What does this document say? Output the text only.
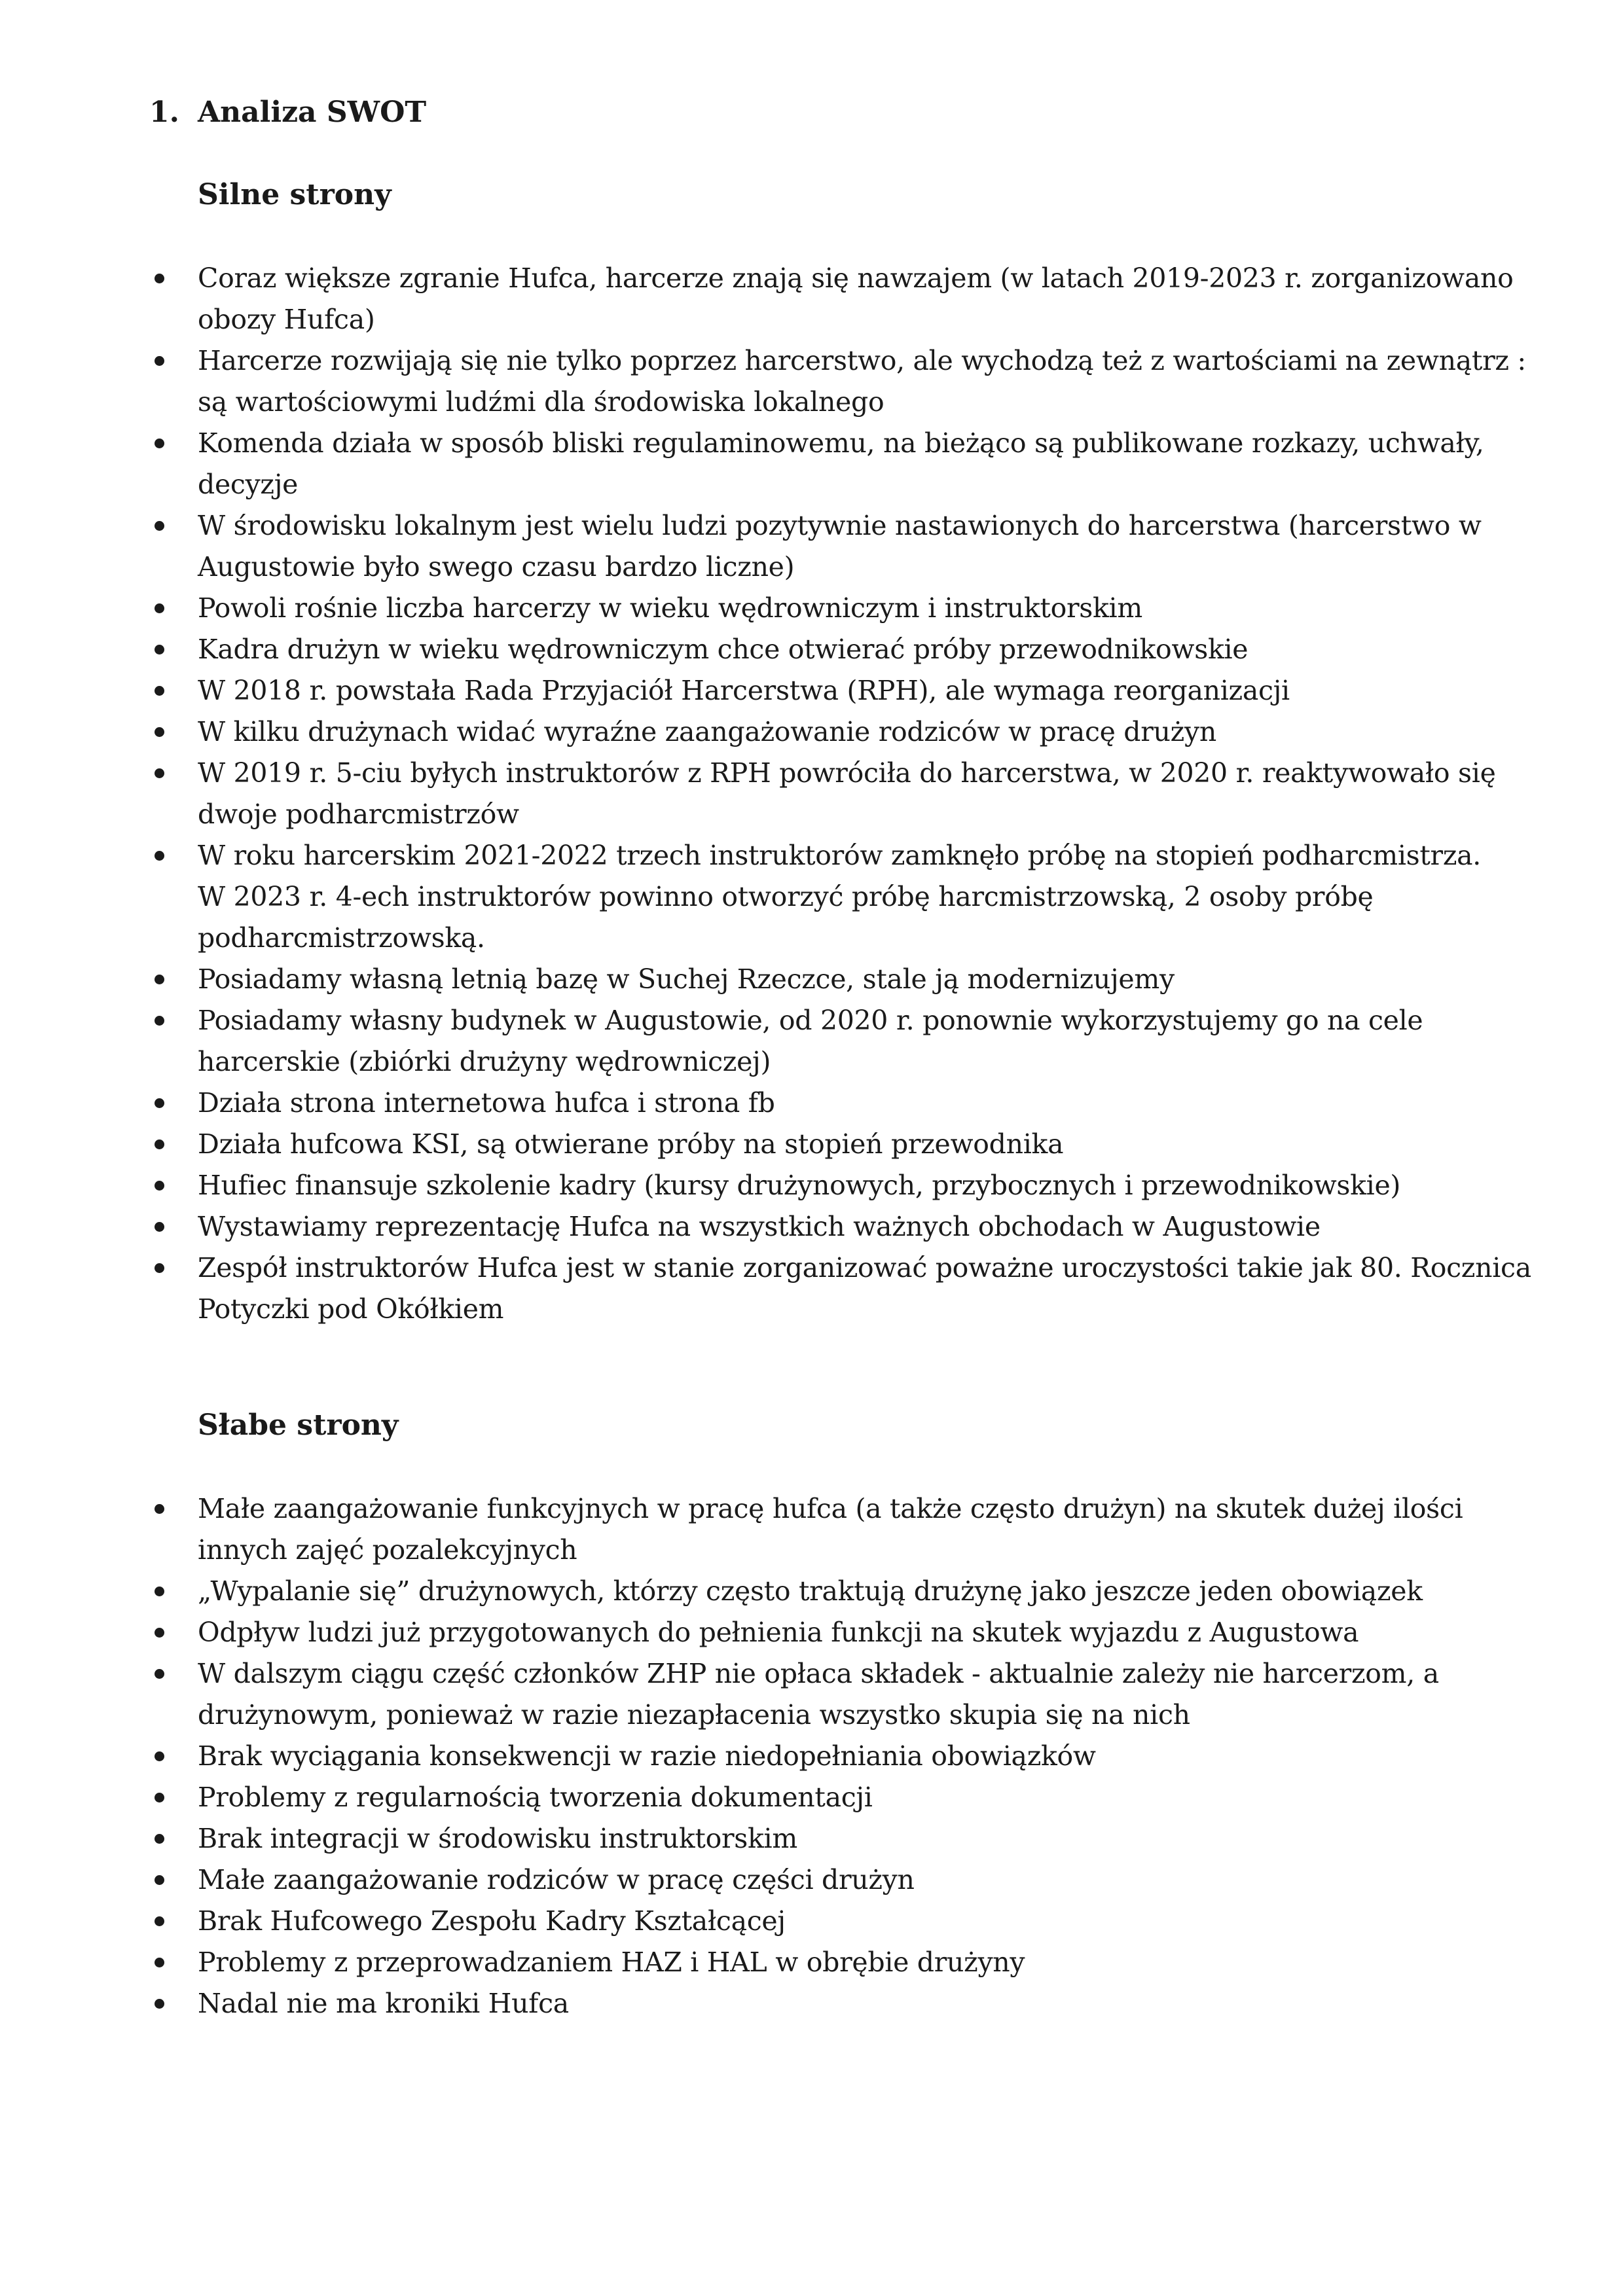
1. Analiza SWOT
Silne strony
Coraz większe zgranie Hufca, harcerze znają się nawzajem (w latach 2019-2023 r. zorganizowano
obozy Hufca)
Harcerze rozwijają się nie tylko poprzez harcerstwo, ale wychodzą też z wartościami na zewnątrz :
są wartościowymi ludźmi dla środowiska lokalnego
Komenda działa w sposób bliski regulaminowemu, na bieżąco są publikowane rozkazy, uchwały,
decyzje
W środowisku lokalnym jest wielu ludzi pozytywnie nastawionych do harcerstwa (harcerstwo w
Augustowie było swego czasu bardzo liczne)
Powoli rośnie liczba harcerzy w wieku wędrowniczym i instruktorskim
Kadra drużyn w wieku wędrowniczym chce otwierać próby przewodnikowskie
W 2018 r. powstała Rada Przyjaciół Harcerstwa (RPH), ale wymaga reorganizacji
W kilku drużynach widać wyraźne zaangażowanie rodziców w pracę drużyn
W 2019 r. 5-ciu byłych instruktorów z RPH powróciła do harcerstwa, w 2020 r. reaktywowało się
dwoje podharcmistrzów
W roku harcerskim 2021-2022 trzech instruktorów zamknęło próbę na stopień podharcmistrza.
W 2023 r. 4-ech instruktorów powinno otworzyć próbę harcmistrzowską, 2 osoby próbę
podharcmistrzowską.
Posiadamy własną letnią bazę w Suchej Rzeczce, stale ją modernizujemy
Posiadamy własny budynek w Augustowie, od 2020 r. ponownie wykorzystujemy go na cele
harcerskie (zbiórki drużyny wędrowniczej)
Działa strona internetowa hufca i strona fb
Działa hufcowa KSI, są otwierane próby na stopień przewodnika
Hufiec finansuje szkolenie kadry (kursy drużynowych, przybocznych i przewodnikowskie)
Wystawiamy reprezentację Hufca na wszystkich ważnych obchodach w Augustowie
Zespół instruktorów Hufca jest w stanie zorganizować poważne uroczystości takie jak 80. Rocznica
Potyczki pod Okółkiem
Słabe strony
Małe zaangażowanie funkcyjnych w pracę hufca (a także często drużyn) na skutek dużej ilości
innych zajęć pozalekcyjnych
„Wypalanie się” drużynowych, którzy często traktują drużynę jako jeszcze jeden obowiązek
Odpływ ludzi już przygotowanych do pełnienia funkcji na skutek wyjazdu z Augustowa
W dalszym ciągu część członków ZHP nie opłaca składek - aktualnie zależy nie harcerzom, a
drużynowym, ponieważ w razie niezapłacenia wszystko skupia się na nich
Brak wyciągania konsekwencji w razie niedopełniania obowiązków
Problemy z regularnością tworzenia dokumentacji
Brak integracji w środowisku instruktorskim
Małe zaangażowanie rodziców w pracę części drużyn
Brak Hufcowego Zespołu Kadry Kształcącej
Problemy z przeprowadzaniem HAZ i HAL w obrębie drużyny
Nadal nie ma kroniki Hufca
